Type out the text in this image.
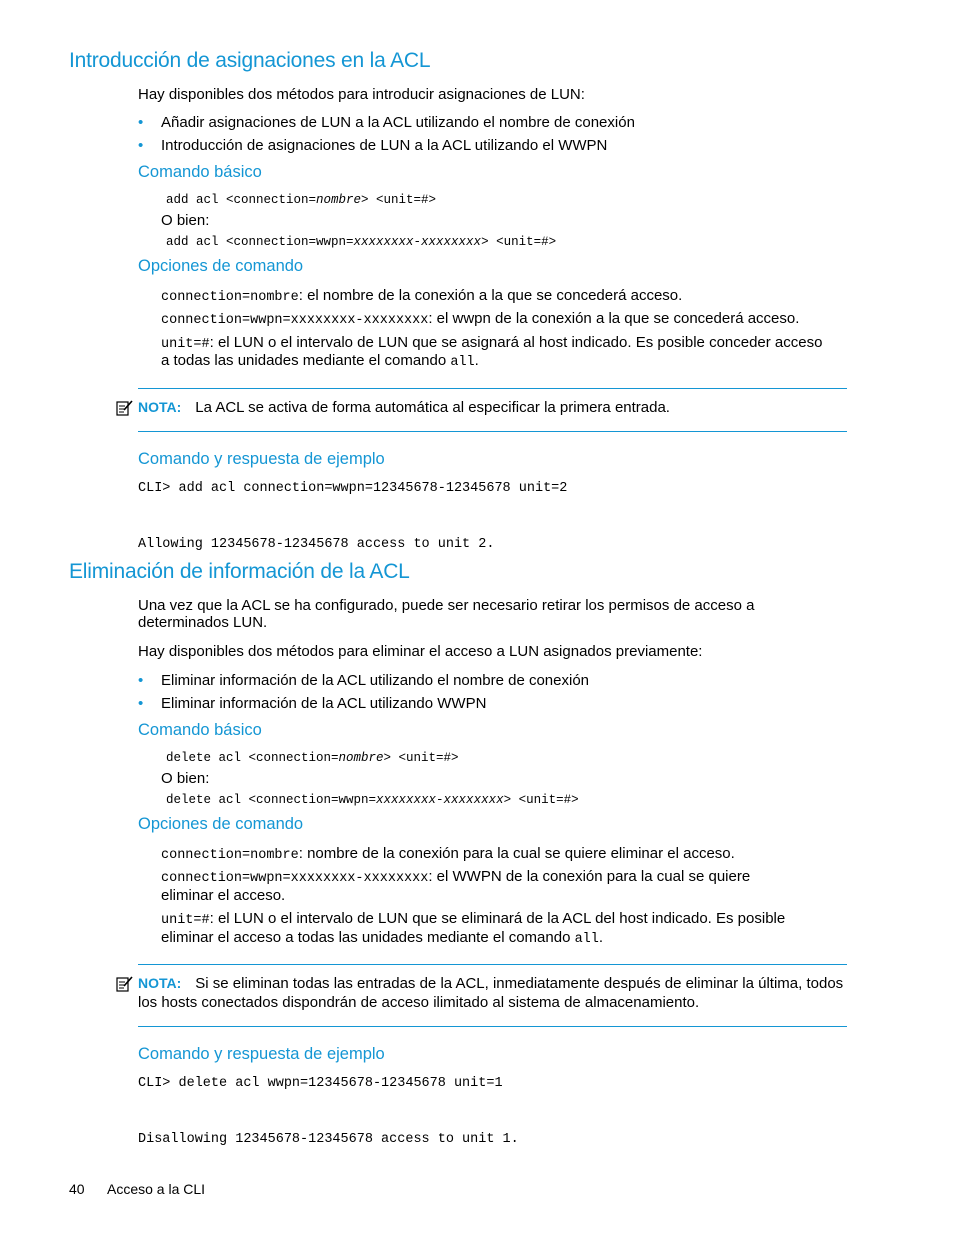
Introducción de asignaciones en la ACL
Hay disponibles dos métodos para introducir asignaciones de LUN:
• Añadir asignaciones de LUN a la ACL utilizando el nombre de conexión
• Introducción de asignaciones de LUN a la ACL utilizando el WWPN
Comando básico
add acl <connection=nombre> <unit=#>
O bien:
add acl <connection=wwpn=xxxxxxxx-xxxxxxxx> <unit=#>
Opciones de comando
connection=nombre: el nombre de la conexión a la que se concederá acceso.
connection=wwpn=xxxxxxxx-xxxxxxxx: el wwpn de la conexión a la que se concederá acceso.
unit=#: el LUN o el intervalo de LUN que se asignará al host indicado. Es posible conceder acceso
a todas las unidades mediante el comando all.
NOTA: La ACL se activa de forma automática al especificar la primera entrada.
Comando y respuesta de ejemplo
CLI> add acl connection=wwpn=12345678-12345678 unit=2
Allowing 12345678-12345678 access to unit 2.
Eliminación de información de la ACL
Una vez que la ACL se ha configurado, puede ser necesario retirar los permisos de acceso a
determinados LUN.
Hay disponibles dos métodos para eliminar el acceso a LUN asignados previamente:
• Eliminar información de la ACL utilizando el nombre de conexión
• Eliminar información de la ACL utilizando WWPN
Comando básico
delete acl <connection=nombre> <unit=#>
O bien:
delete acl <connection=wwpn=xxxxxxxx-xxxxxxxx> <unit=#>
Opciones de comando
connection=nombre: nombre de la conexión para la cual se quiere eliminar el acceso.
connection=wwpn=xxxxxxxx-xxxxxxxx: el WWPN de la conexión para la cual se quiere
eliminar el acceso.
unit=#: el LUN o el intervalo de LUN que se eliminará de la ACL del host indicado. Es posible
eliminar el acceso a todas las unidades mediante el comando all.
NOTA: Si se eliminan todas las entradas de la ACL, inmediatamente después de eliminar la última, todos
los hosts conectados dispondrán de acceso ilimitado al sistema de almacenamiento.
Comando y respuesta de ejemplo
CLI> delete acl wwpn=12345678-12345678 unit=1
Disallowing 12345678-12345678 access to unit 1.
40 Acceso a la CLI
